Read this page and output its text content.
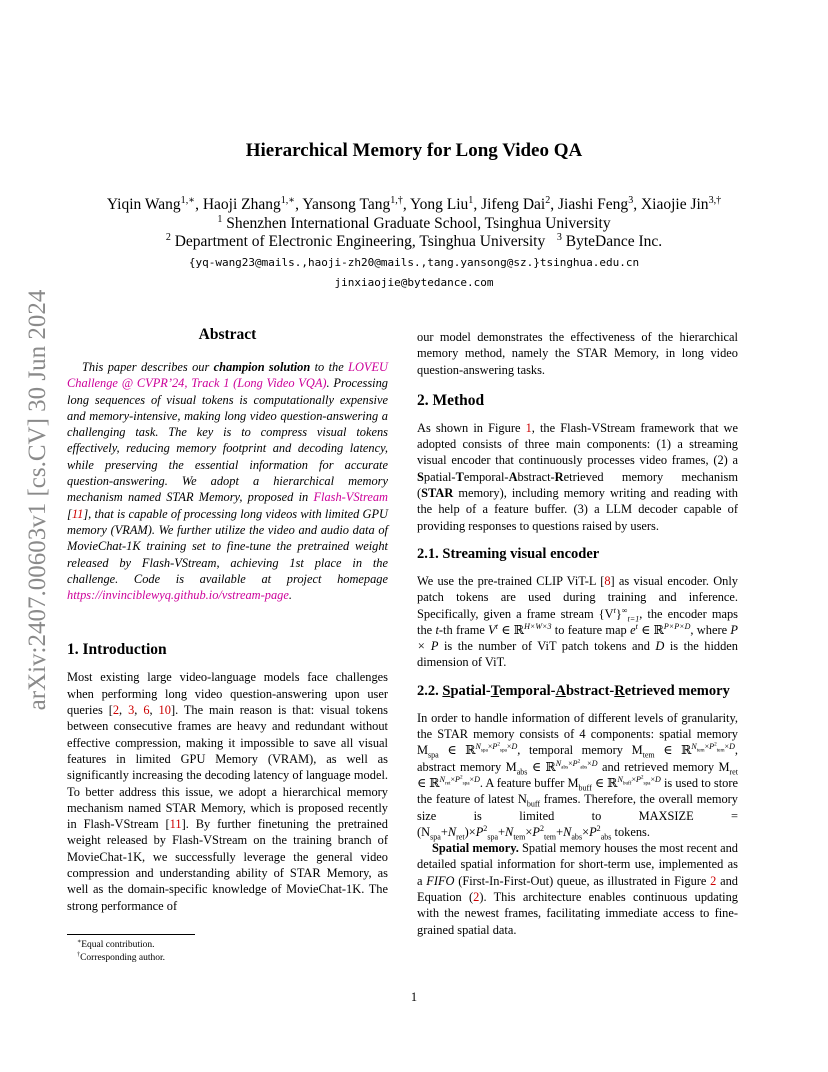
arXiv:2407.00603v1 [cs.CV] 30 Jun 2024
Hierarchical Memory for Long Video QA
Yiqin Wang$^{1,∗}$, Haoji Zhang$^{1,∗}$, Yansong Tang$^{1,\dagger}$, Yong Liu$^1$, Jifeng Dai$^2$, Jiashi Feng$^3$, Xiaojie Jin$^{3,\dagger}$
$^1$ Shenzhen International Graduate School, Tsinghua University
$^2$ Department of Electronic Engineering, Tsinghua University $^3$ ByteDance Inc.
{yq-wang23@mails.,haoji-zh20@mails.,tang.yansong@sz.}tsinghua.edu.cn
jinxiaojie@bytedance.com
Abstract

This paper describes our champion solution to the LOVEU Challenge @ CVPR’24, Track 1 (Long Video VQA). Processing long sequences of visual tokens is computationally expensive and memory-intensive, making long video question-answering a challenging task. The key is to compress visual tokens effectively, reducing memory footprint and decoding latency, while preserving the essential information for accurate question-answering. We adopt a hierarchical memory mechanism named STAR Memory, proposed in Flash-VStream [11], that is capable of processing long videos with limited GPU memory (VRAM). We further utilize the video and audio data of MovieChat-1K training set to fine-tune the pretrained weight released by Flash-VStream, achieving 1st place in the challenge. Code is available at project homepage https://invinciblewyq.github.io/vstream-page.

1. Introduction

Most existing large video-language models face challenges when performing long video question-answering upon user queries [2, 3, 6, 10]. The main reason is that: visual tokens between consecutive frames are heavy and redundant without effective compression, making it impossible to save all visual features in limited GPU Memory (VRAM), as well as significantly increasing the decoding latency of language model. To better address this issue, we adopt a hierarchical memory mechanism named STAR Memory, which is proposed recently in Flash-VStream [11]. By further finetuning the pretrained weight released by Flash-VStream on the training branch of MovieChat-1K, we successfully leverage the general video compression and understanding ability of STAR Memory, as well as the domain-specific knowledge of MovieChat-1K. The strong performance of

our model demonstrates the effectiveness of the hierarchical memory method, namely the STAR Memory, in long video question-answering tasks.

2. Method

As shown in Figure 1, the Flash-VStream framework that we adopted consists of three main components: (1) a streaming visual encoder that continuously processes video frames, (2) a Spatial-Temporal-Abstract-Retrieved memory mechanism (STAR memory), including memory writing and reading with the help of a feature buffer. (3) a LLM decoder capable of providing responses to questions raised by users.

2.1. Streaming visual encoder

We use the pre-trained CLIP ViT-L [8] as visual encoder. Only patch tokens are used during training and inference. Specifically, given a frame stream $\{V^t\}^\infty_{t=1}$, the encoder maps the t-th frame $V^t$ ∈ ℝ$^{H\times W\times 3}$ to feature map $e^t$ ∈ ℝ$^{P\times P\times D}$, where P × P is the number of ViT patch tokens and D is the hidden dimension of ViT.

2.2. Spatial-Temporal-Abstract-Retrieved memory

In order to handle information of different levels of granularity, the STAR memory consists of 4 components: spatial memory $M_{spa}$ ∈ ℝ$^{N_{spa}\times P^2_{spa}\times D}$, temporal memory $M_{tem}$ ∈ ℝ$^{N_{tem}\times P^2_{tem}\times D}$, abstract memory $M_{abs}$ ∈ ℝ$^{N_{abs}\times P^2_{abs}\times D}$ and retrieved memory $M_{ret}$ ∈ ℝ$^{N_{ret}\times P^2_{spa}\times D}$. A feature buffer $M_{buff}$ ∈ ℝ$^{N_{buff}\times P^2_{spa}\times D}$ is used to store the feature of latest $N_{buff}$ frames. Therefore, the overall memory size is limited to MAXSIZE = $(N_{spa}+N_{ret})\times P^2_{spa}+N_{tem}\times P^2_{tem}+N_{abs}\times P^2_{abs}$ tokens.

Spatial memory. Spatial memory houses the most recent and detailed spatial information for short-term use, implemented as a FIFO (First-In-First-Out) queue, as illustrated in Figure 2 and Equation (2). This architecture enables continuous updating with the newest frames, facilitating immediate access to fine-grained spatial data.

∗Equal contribution.
†Corresponding author.
1
